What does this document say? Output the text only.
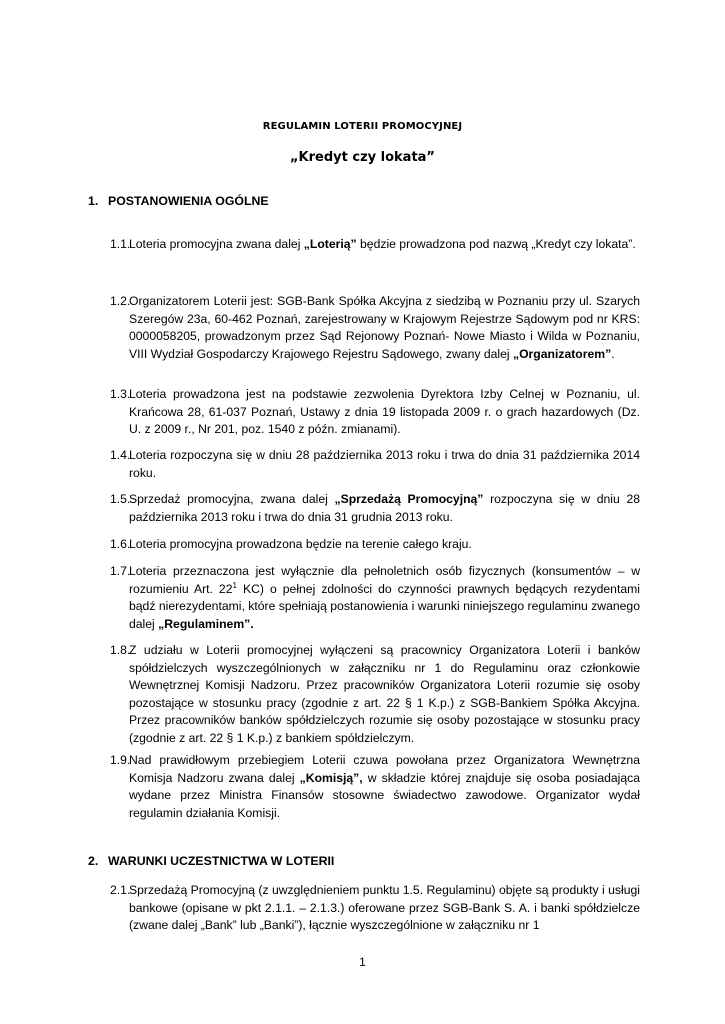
REGULAMIN LOTERII PROMOCYJNEJ
„Kredyt czy lokata”
1. POSTANOWIENIA OGÓLNE
1.1.
Loteria promocyjna zwana dalej „Loterią” będzie prowadzona pod nazwą „Kredyt czy lokata”.
1.2.
Organizatorem Loterii jest: SGB-Bank Spółka Akcyjna z siedzibą w Poznaniu przy ul. Szarych Szeregów 23a, 60-462 Poznań, zarejestrowany w Krajowym Rejestrze Sądowym pod nr KRS: 0000058205, prowadzonym przez Sąd Rejonowy Poznań- Nowe Miasto i Wilda w Poznaniu, VIII Wydział Gospodarczy Krajowego Rejestru Sądowego, zwany dalej „Organizatorem”.
1.3.
Loteria prowadzona jest na podstawie zezwolenia Dyrektora Izby Celnej w Poznaniu, ul. Krańcowa 28, 61-037 Poznań, Ustawy z dnia 19 listopada 2009 r. o grach hazardowych (Dz. U. z 2009 r., Nr 201, poz. 1540 z późn. zmianami).
1.4.
Loteria rozpoczyna się w dniu 28 października 2013 roku i trwa do dnia 31 października 2014 roku.
1.5.
Sprzedaż promocyjna, zwana dalej „Sprzedażą Promocyjną” rozpoczyna się w dniu 28 października 2013 roku i trwa do dnia 31 grudnia 2013 roku.
1.6.
Loteria promocyjna prowadzona będzie na terenie całego kraju.
1.7.
Loteria przeznaczona jest wyłącznie dla pełnoletnich osób fizycznych (konsumentów – w rozumieniu Art. $22^1$ KC) o pełnej zdolności do czynności prawnych będących rezydentami bądź nierezydentami, które spełniają postanowienia i warunki niniejszego regulaminu zwanego dalej „Regulaminem”.
1.8.
Z udziału w Loterii promocyjnej wyłączeni są pracownicy Organizatora Loterii i banków spółdzielczych wyszczególnionych w załączniku nr 1 do Regulaminu oraz członkowie Wewnętrznej Komisji Nadzoru. Przez pracowników Organizatora Loterii rozumie się osoby pozostające w stosunku pracy (zgodnie z art. 22 § 1 K.p.) z SGB-Bankiem Spółka Akcyjna. Przez pracowników banków spółdzielczych rozumie się osoby pozostające w stosunku pracy (zgodnie z art. 22 § 1 K.p.) z bankiem spółdzielczym.
1.9.
Nad prawidłowym przebiegiem Loterii czuwa powołana przez Organizatora Wewnętrzna Komisja Nadzoru zwana dalej „Komisją”, w składzie której znajduje się osoba posiadająca wydane przez Ministra Finansów stosowne świadectwo zawodowe. Organizator wydał regulamin działania Komisji.
2. WARUNKI UCZESTNICTWA W LOTERII
2.1.
Sprzedażą Promocyjną (z uwzględnieniem punktu 1.5. Regulaminu) objęte są produkty i usługi bankowe (opisane w pkt 2.1.1. – 2.1.3.) oferowane przez SGB-Bank S. A. i banki spółdzielcze (zwane dalej „Bank” lub „Banki”), łącznie wyszczególnione w załączniku nr 1
1
